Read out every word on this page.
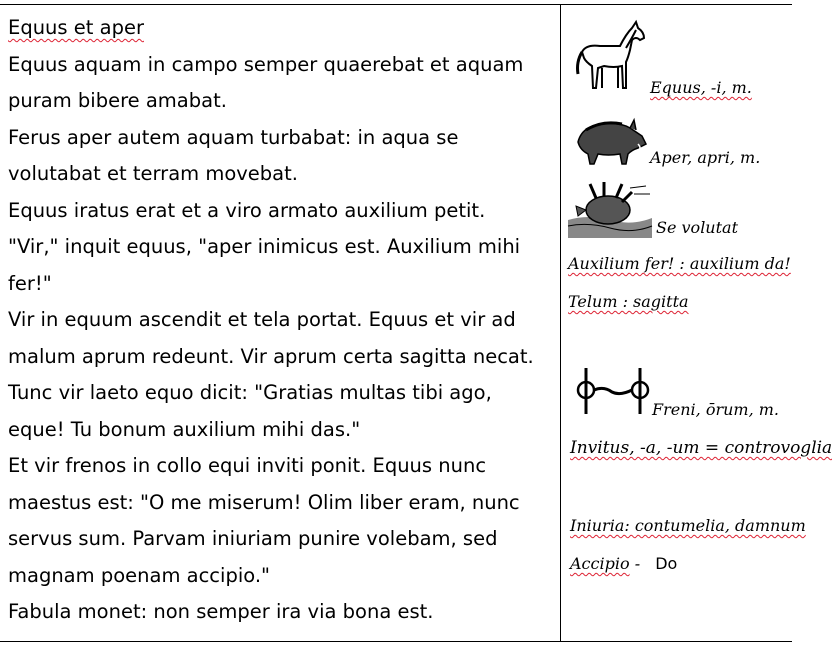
Equus et aper

Equus aquam in campo semper quaerebat et aquam
puram bibere amabat.

Ferus aper autem aquam turbabat: in aqua se
volutabat et terram movebat.

Equus iratus erat et a viro armato auxilium petit.

"Vir," inquit equus, "aper inimicus est. Auxilium mihi
fer!"

Vir in equum ascendit et tela portat. Equus et vir ad
malum aprum redeunt. Vir aprum certa sagitta necat.

Tunc vir laeto equo dicit: "Gratias multas tibi ago,
eque! Tu bonum auxilium mihi das."

Et vir frenos in collo equi inviti ponit. Equus nunc
maestus est: "O me miserum! Olim liber eram, nunc
servus sum. Parvam iniuriam punire volebam, sed
magnam poenam accipio."

Fabula monet: non semper ira via bona est.

Equus, -i, m.
Aper, apri, m.
Se volutat
Auxilium fer! : auxilium da!
Telum : sagitta
Freni, ōrum, m.
Invitus, -a, -um = controvoglia
Iniuria: contumelia, damnum
Accipio - Do
